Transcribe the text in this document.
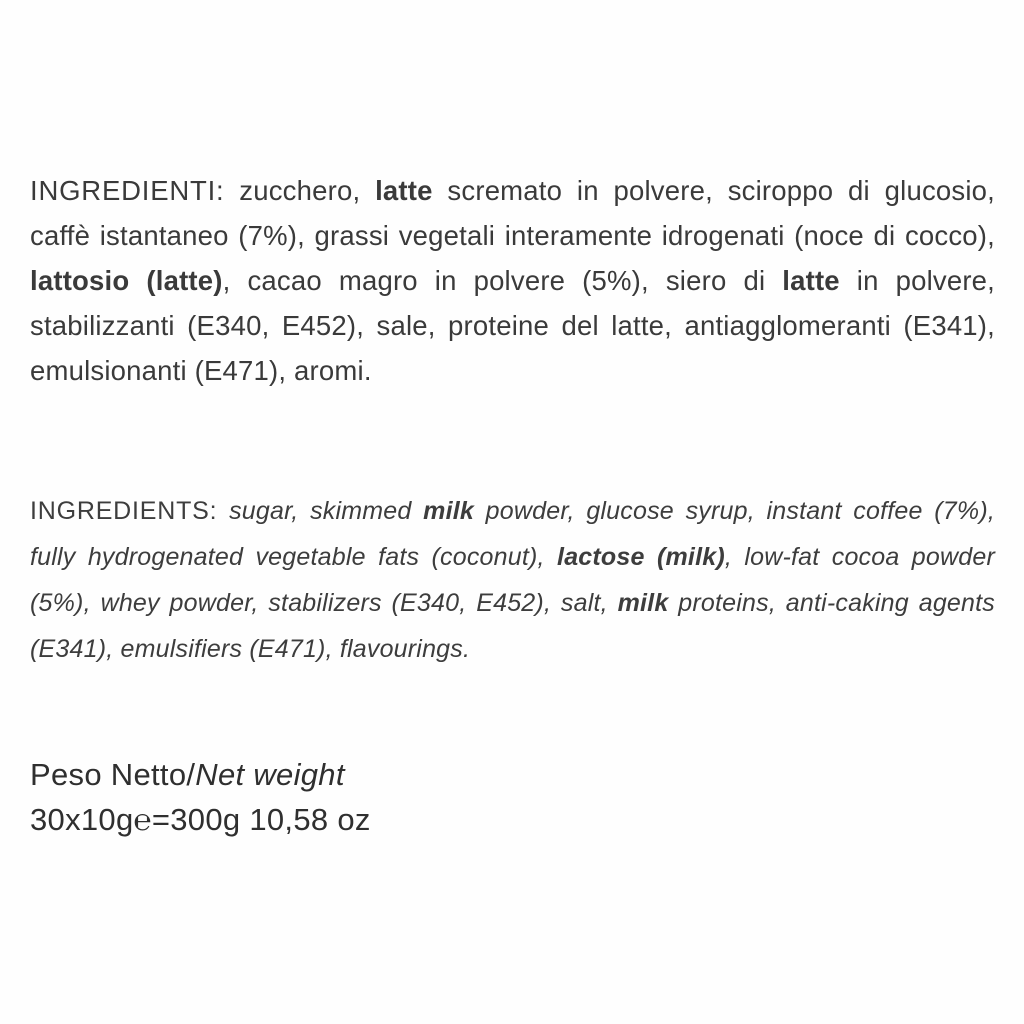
INGREDIENTI: zucchero, latte scremato in polvere, sciroppo di glucosio, caffè istantaneo (7%), grassi vegetali interamente idrogenati (noce di cocco), lattosio (latte), cacao magro in polvere (5%), siero di latte in polvere, stabilizzanti (E340, E452), sale, proteine del latte, antiagglomeranti (E341), emulsionanti (E471), aromi.

INGREDIENTS: sugar, skimmed milk powder, glucose syrup, instant coffee (7%), fully hydrogenated vegetable fats (coconut), lactose (milk), low-fat cocoa powder (5%), whey powder, stabilizers (E340, E452), salt, milk proteins, anti-caking agents (E341), emulsifiers (E471), flavourings.

Peso Netto/Net weight
30x10g℮=300g 10,58 oz
